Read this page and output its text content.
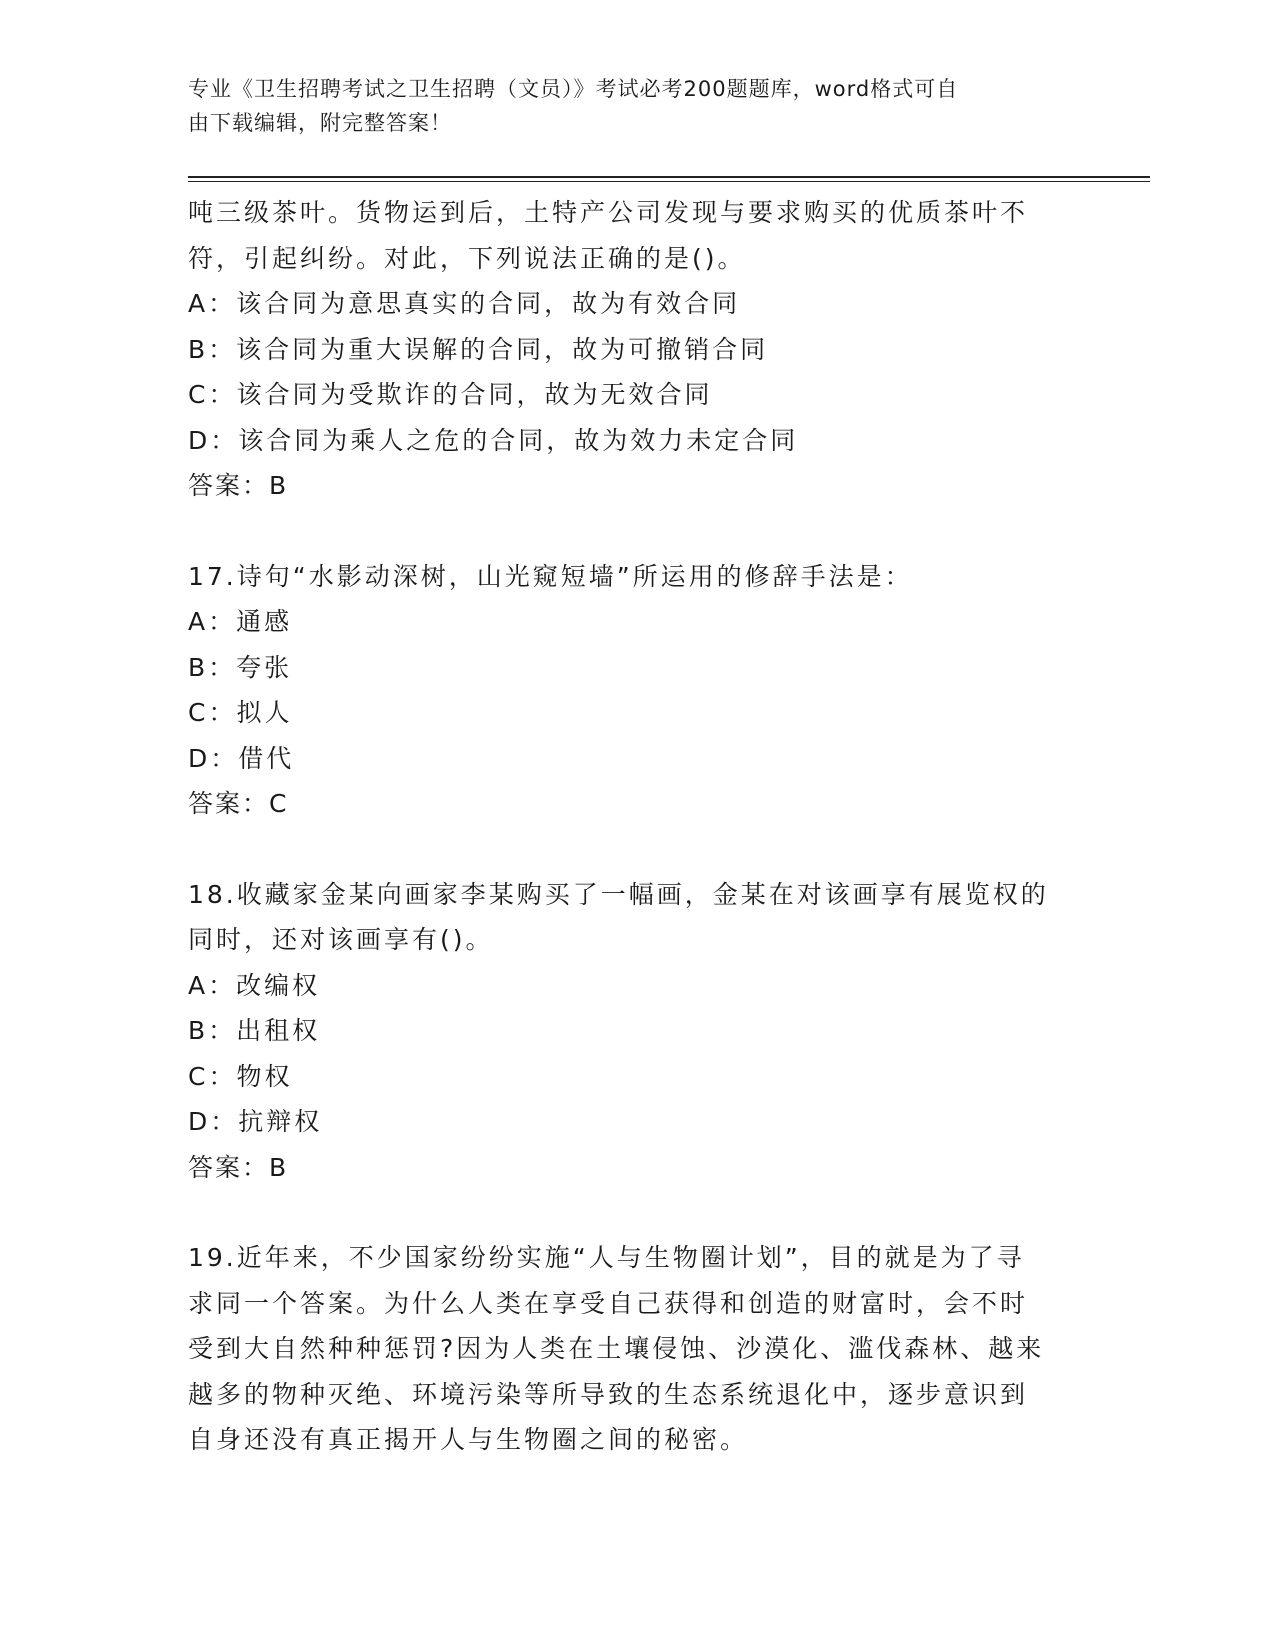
专业《卫生招聘考试之卫生招聘（文员）》考试必考200题题库，word格式可自
由下载编辑，附完整答案！

吨三级茶叶。货物运到后，土特产公司发现与要求购买的优质茶叶不

符，引起纠纷。对此，下列说法正确的是()。

A：该合同为意思真实的合同，故为有效合同

B：该合同为重大误解的合同，故为可撤销合同

C：该合同为受欺诈的合同，故为无效合同

D：该合同为乘人之危的合同，故为效力未定合同

答案：B

17.诗句“水影动深树，山光窥短墙”所运用的修辞手法是：

A：通感

B：夸张

C：拟人

D：借代

答案：C

18.收藏家金某向画家李某购买了一幅画，金某在对该画享有展览权的

同时，还对该画享有()。

A：改编权

B：出租权

C：物权

D：抗辩权

答案：B

19.近年来，不少国家纷纷实施“人与生物圈计划”，目的就是为了寻

求同一个答案。为什么人类在享受自己获得和创造的财富时，会不时

受到大自然种种惩罚?因为人类在土壤侵蚀、沙漠化、滥伐森林、越来

越多的物种灭绝、环境污染等所导致的生态系统退化中，逐步意识到

自身还没有真正揭开人与生物圈之间的秘密。
